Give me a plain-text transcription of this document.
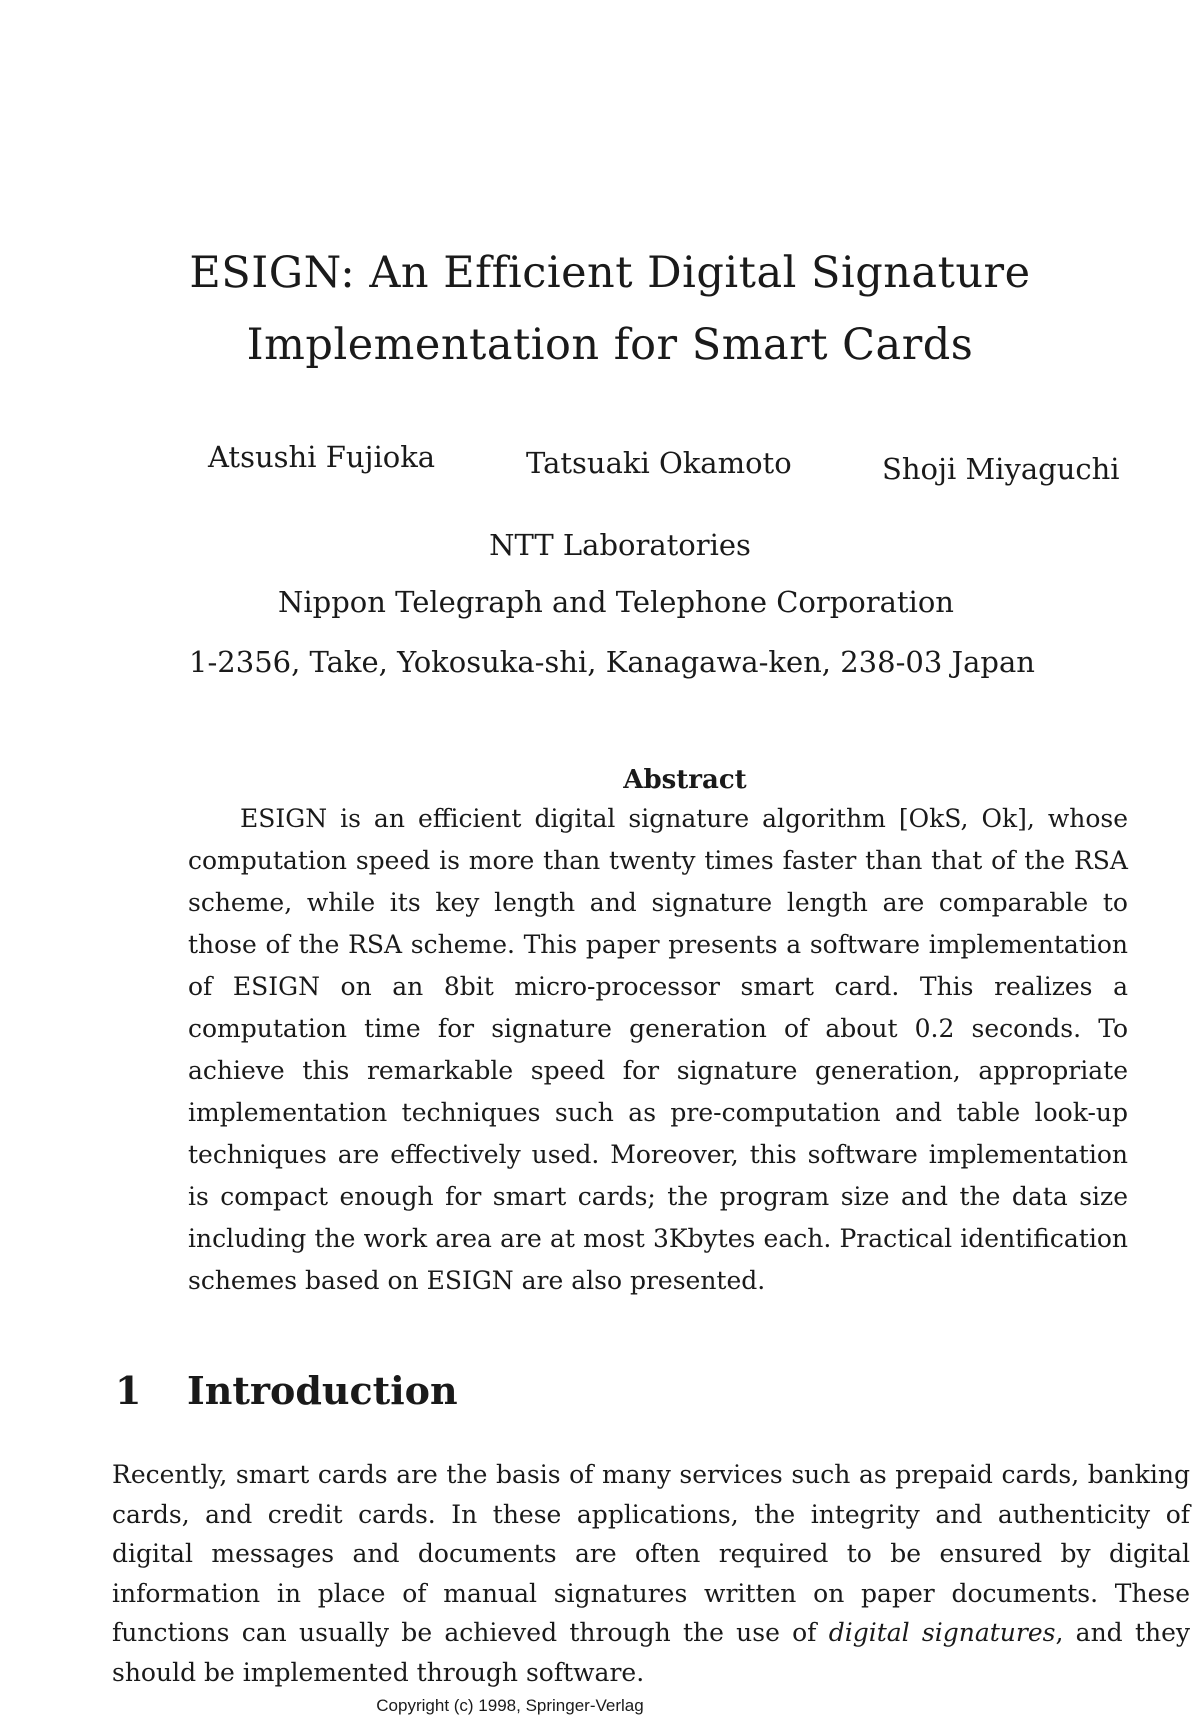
ESIGN: An Efficient Digital Signature
Implementation for Smart Cards
Atsushi Fujioka	Tatsuaki Okamoto	Shoji Miyaguchi
NTT Laboratories
Nippon Telegraph and Telephone Corporation
1-2356, Take, Yokosuka-shi, Kanagawa-ken, 238-03 Japan
Abstract

ESIGN is an efficient digital signature algorithm [OkS, Ok], whose computation speed is more than twenty times faster than that of the RSA scheme, while its key length and signature length are comparable to those of the RSA scheme. This paper presents a software implementation of ESIGN on an 8bit micro-processor smart card. This realizes a computation time for signature generation of about 0.2 seconds. To achieve this remarkable speed for signature generation, appropriate implementation techniques such as pre-computation and table look-up techniques are effectively used. Moreover, this software implementation is compact enough for smart cards; the program size and the data size including the work area are at most 3Kbytes each. Practical identification schemes based on ESIGN are also presented.

1 Introduction

Recently, smart cards are the basis of many services such as prepaid cards, banking cards, and credit cards. In these applications, the integrity and authenticity of digital messages and documents are often required to be ensured by digital information in place of manual signatures written on paper documents. These functions can usually be achieved through the use of digital signatures, and they should be implemented through software.

Copyright (c) 1998, Springer-Verlag
